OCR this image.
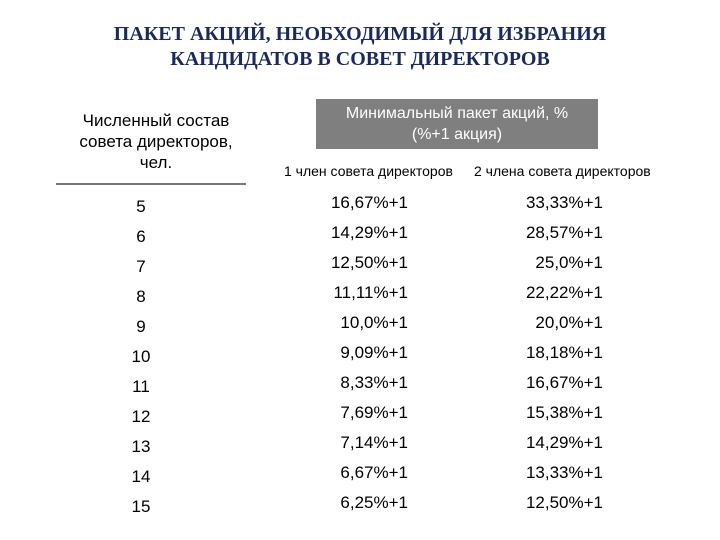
ПАКЕТ АКЦИЙ, НЕОБХОДИМЫЙ ДЛЯ ИЗБРАНИЯ
КАНДИДАТОВ В СОВЕТ ДИРЕКТОРОВ
Численный состав
совета директоров,
чел.
Минимальный пакет акций, %
(%+1 акция)
1 член совета директоров 2 члена совета директоров
5	16,67%+1	33,33%+1
6	14,29%+1	28,57%+1
7	12,50%+1	25,0%+1
8	11,11%+1	22,22%+1
9	10,0%+1	20,0%+1
10	9,09%+1	18,18%+1
11	8,33%+1	16,67%+1
12	7,69%+1	15,38%+1
13	7,14%+1	14,29%+1
14	6,67%+1	13,33%+1
15	6,25%+1	12,50%+1
